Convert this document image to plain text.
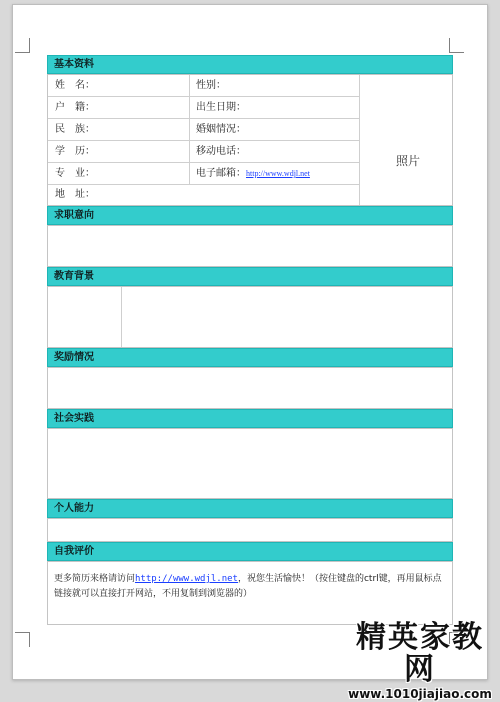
基本资料
姓　名：	性别：
户　籍：	出生日期：
民　族：	婚姻情况：
学　历：	移动电话：
专　业：	电子邮箱：http://www.wdjl.net
地　址：
照片
求职意向
教育背景
奖励情况
社会实践
个人能力
自我评价
更多简历来格请访问http://www.wdjl.net，祝您生活愉快！（按住键盘的ctrl键，再用鼠标点链接就可以直接打开网站，不用复制到浏览器的）
精英家教网
www.1010jiajiao.com
